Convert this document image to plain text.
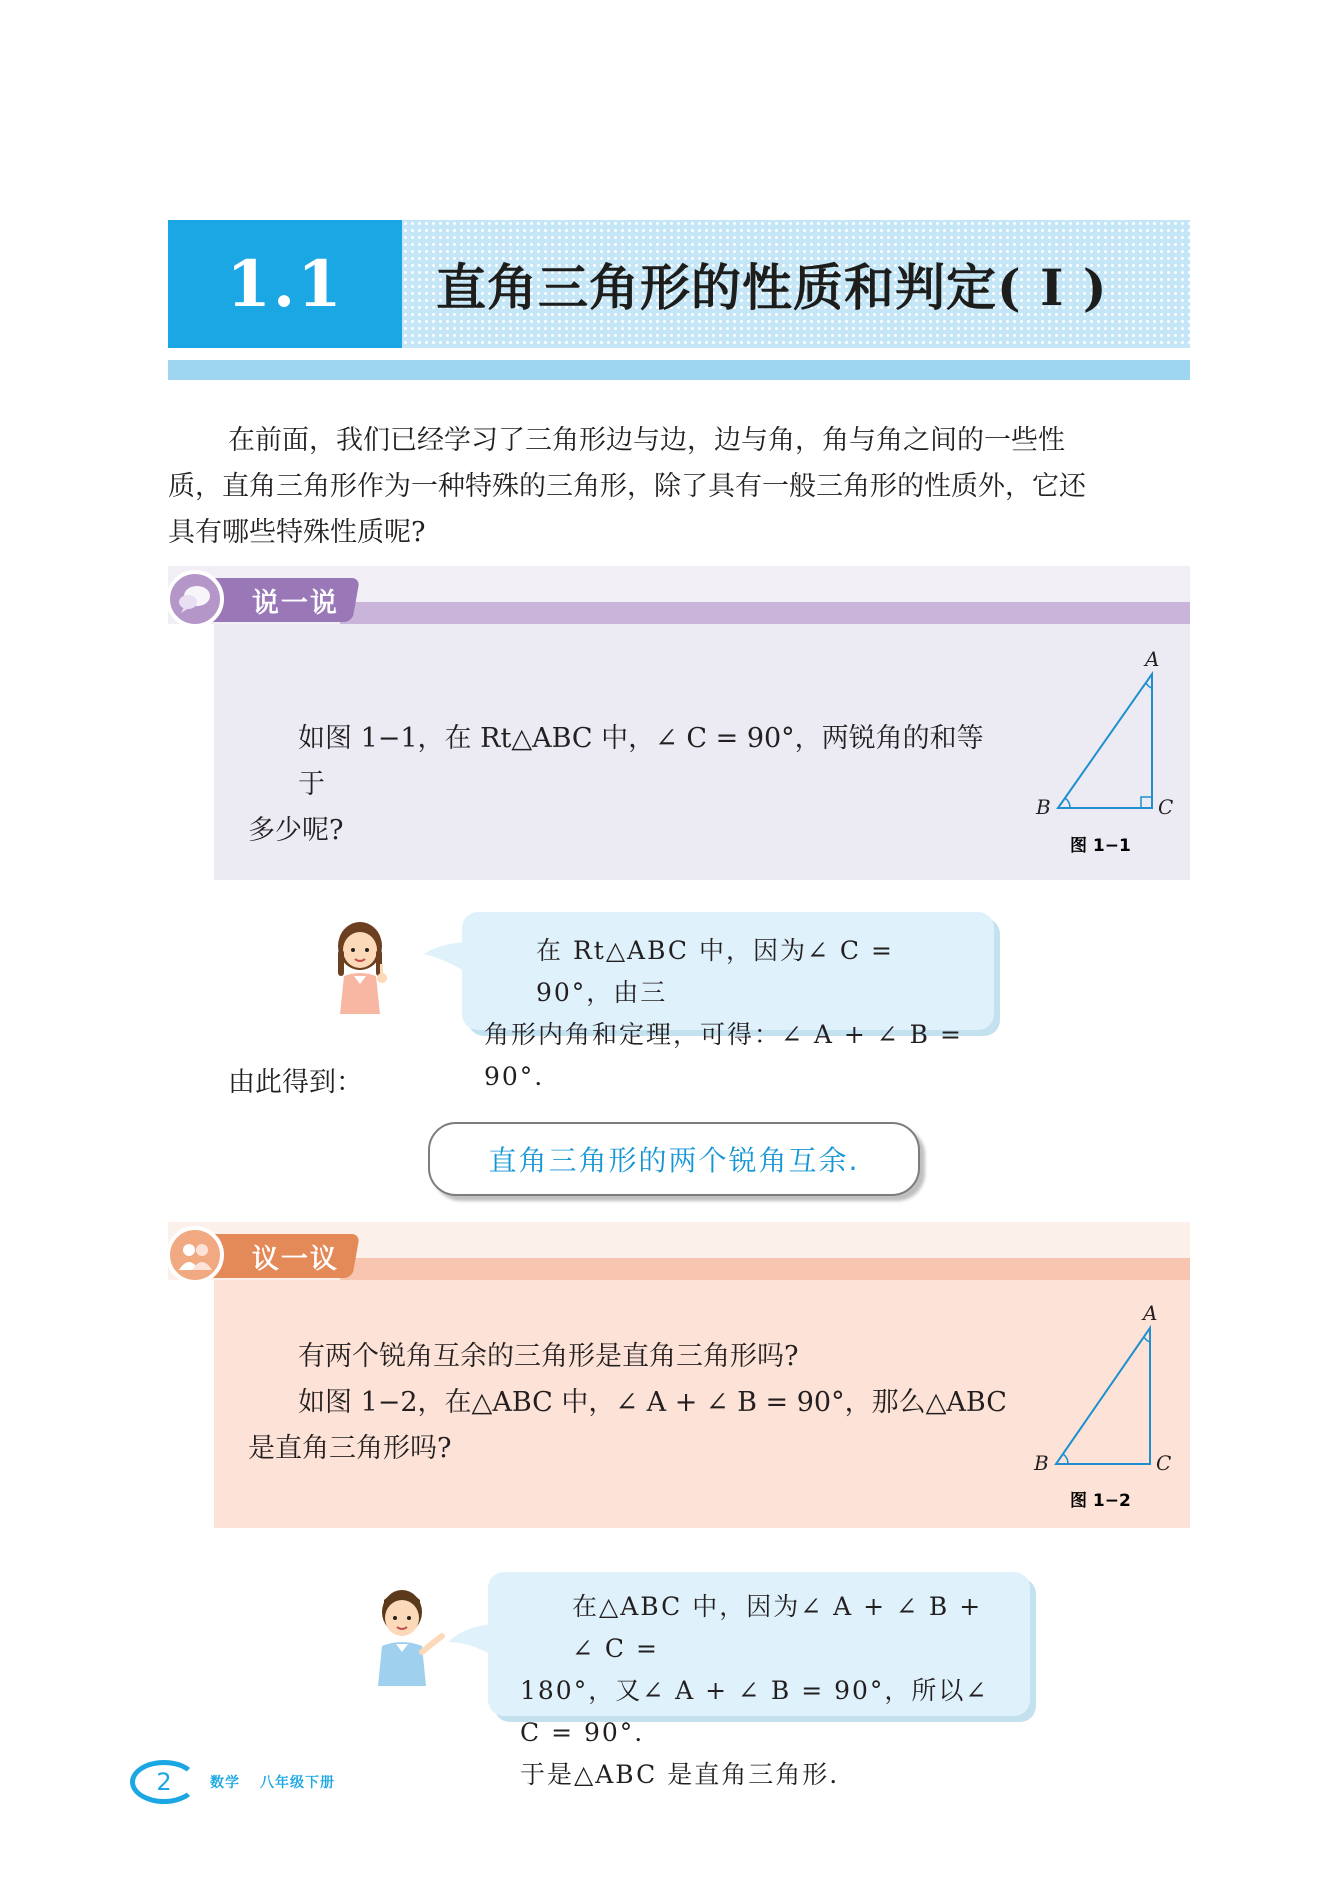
1.1	直角三角形的性质和判定( Ⅰ )

在前面，我们已经学习了三角形边与边，边与角，角与角之间的一些性

质，直角三角形作为一种特殊的三角形，除了具有一般三角形的性质外，它还

具有哪些特殊性质呢?

说一说
如图 1−1，在 Rt△ABC 中，∠ C = 90°，两锐角的和等于
多少呢?
A
B	C
图 1−1

在 Rt△ABC 中，因为∠ C = 90°，由三

角形内角和定理，可得：∠ A + ∠ B = 90°.

由此得到：
直角三角形的两个锐角互余.
议一议
有两个锐角互余的三角形是直角三角形吗?
如图 1−2，在△ABC 中，∠ A + ∠ B = 90°，那么△ABC
是直角三角形吗?
A
B	C
图 1−2

在△ABC 中，因为∠ A + ∠ B + ∠ C =

180°，又∠ A + ∠ B = 90°，所以∠ C = 90°.

于是△ABC 是直角三角形.

2	数学 八年级下册
